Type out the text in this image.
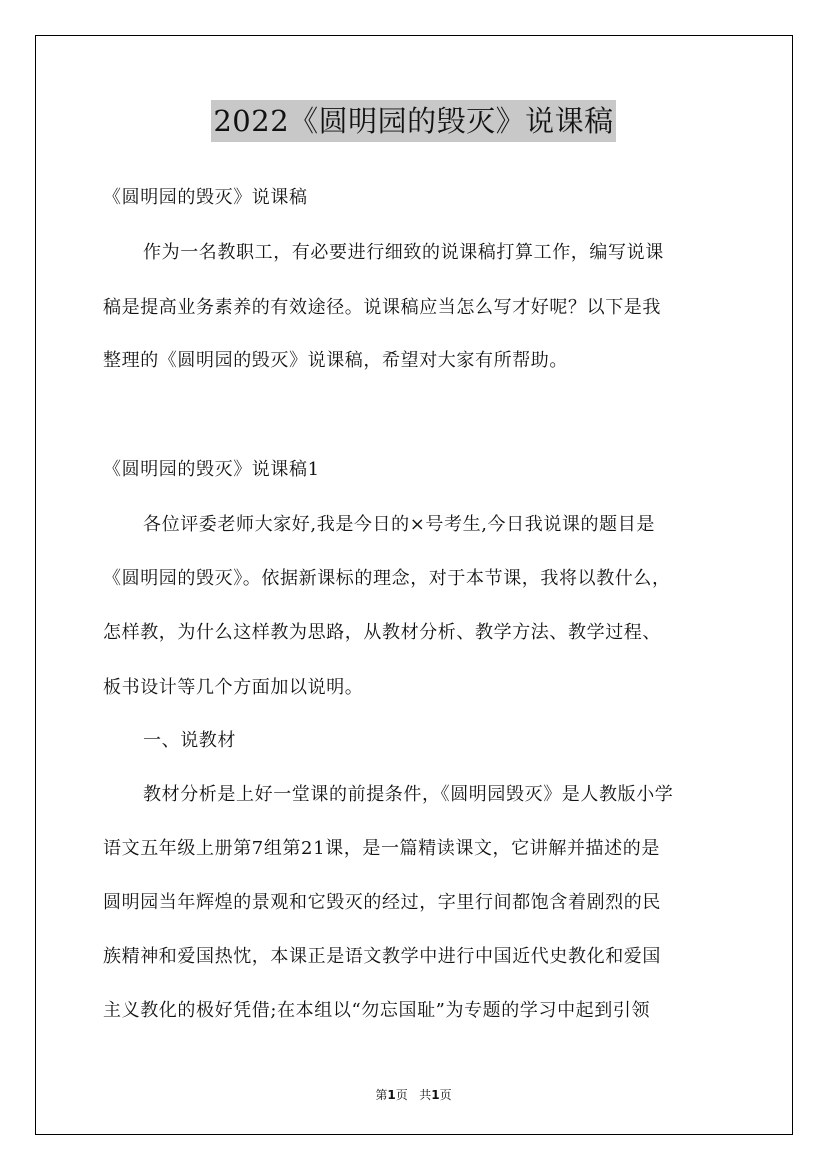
2022《圆明园的毁灭》说课稿
《圆明园的毁灭》说课稿
作为一名教职工，有必要进行细致的说课稿打算工作，编写说课
稿是提高业务素养的有效途径。说课稿应当怎么写才好呢？以下是我
整理的《圆明园的毁灭》说课稿，希望对大家有所帮助。
《圆明园的毁灭》说课稿1
各位评委老师大家好,我是今日的×号考生,今日我说课的题目是
《圆明园的毁灭》。依据新课标的理念，对于本节课，我将以教什么，
怎样教，为什么这样教为思路，从教材分析、教学方法、教学过程、
板书设计等几个方面加以说明。
一、说教材
教材分析是上好一堂课的前提条件，《圆明园毁灭》是人教版小学
语文五年级上册第7组第21课，是一篇精读课文，它讲解并描述的是
圆明园当年辉煌的景观和它毁灭的经过，字里行间都饱含着剧烈的民
族精神和爱国热忱，本课正是语文教学中进行中国近代史教化和爱国
主义教化的极好凭借;在本组以“勿忘国耻”为专题的学习中起到引领
第1页 共1页
